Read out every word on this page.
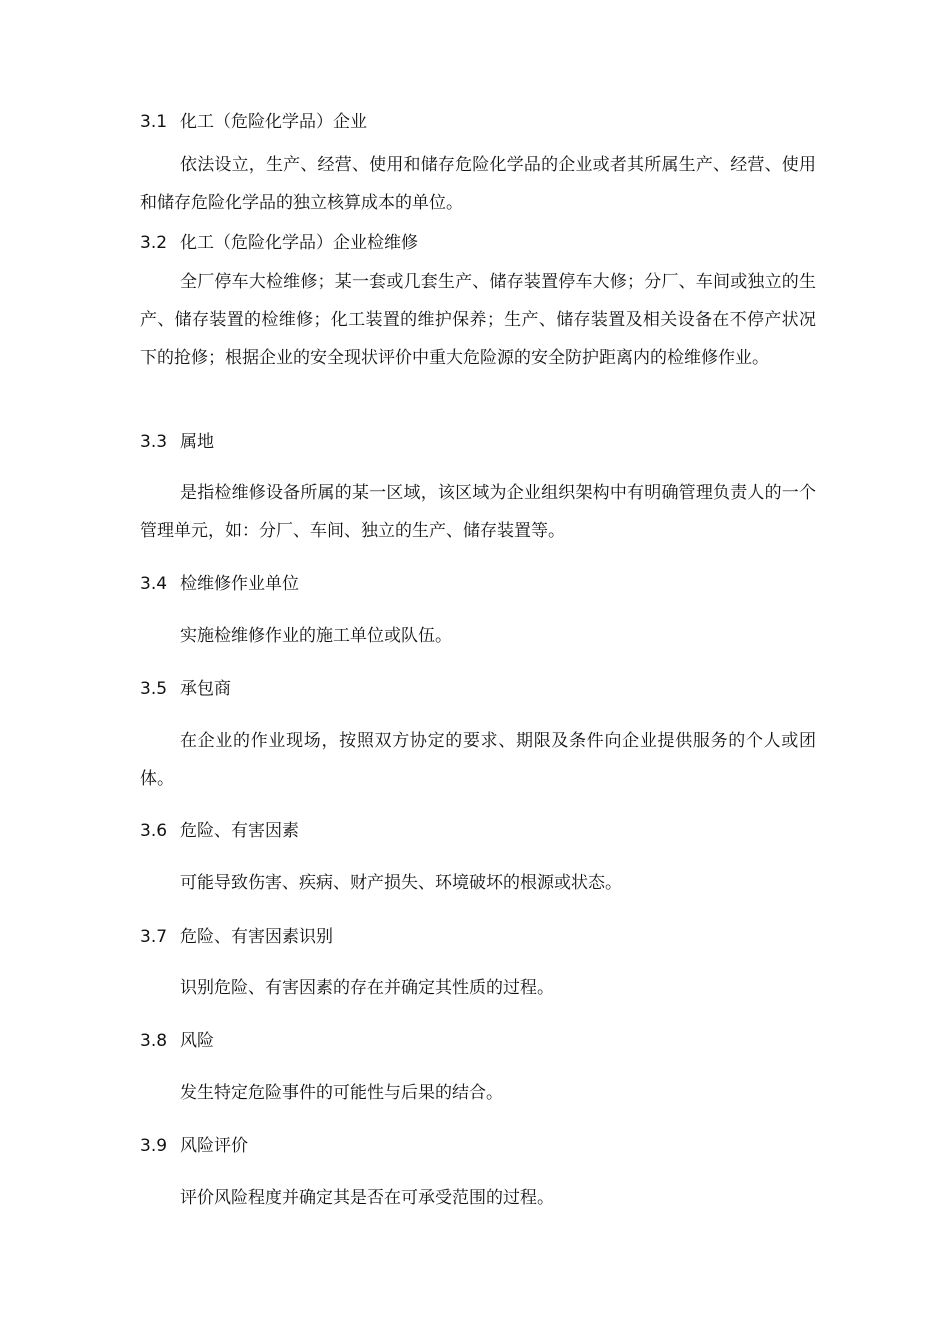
3.1 化工（危险化学品）企业
依法设立，生产、经营、使用和储存危险化学品的企业或者其所属生产、经营、使用和储存危险化学品的独立核算成本的单位。
3.2 化工（危险化学品）企业检维修
全厂停车大检维修；某一套或几套生产、储存装置停车大修；分厂、车间或独立的生产、储存装置的检维修；化工装置的维护保养；生产、储存装置及相关设备在不停产状况下的抢修；根据企业的安全现状评价中重大危险源的安全防护距离内的检维修作业。
3.3 属地
是指检维修设备所属的某一区域，该区域为企业组织架构中有明确管理负责人的一个管理单元，如：分厂、车间、独立的生产、储存装置等。
3.4 检维修作业单位
实施检维修作业的施工单位或队伍。
3.5 承包商
在企业的作业现场，按照双方协定的要求、期限及条件向企业提供服务的个人或团体。
3.6 危险、有害因素
可能导致伤害、疾病、财产损失、环境破坏的根源或状态。
3.7 危险、有害因素识别
识别危险、有害因素的存在并确定其性质的过程。
3.8 风险
发生特定危险事件的可能性与后果的结合。
3.9 风险评价
评价风险程度并确定其是否在可承受范围的过程。
